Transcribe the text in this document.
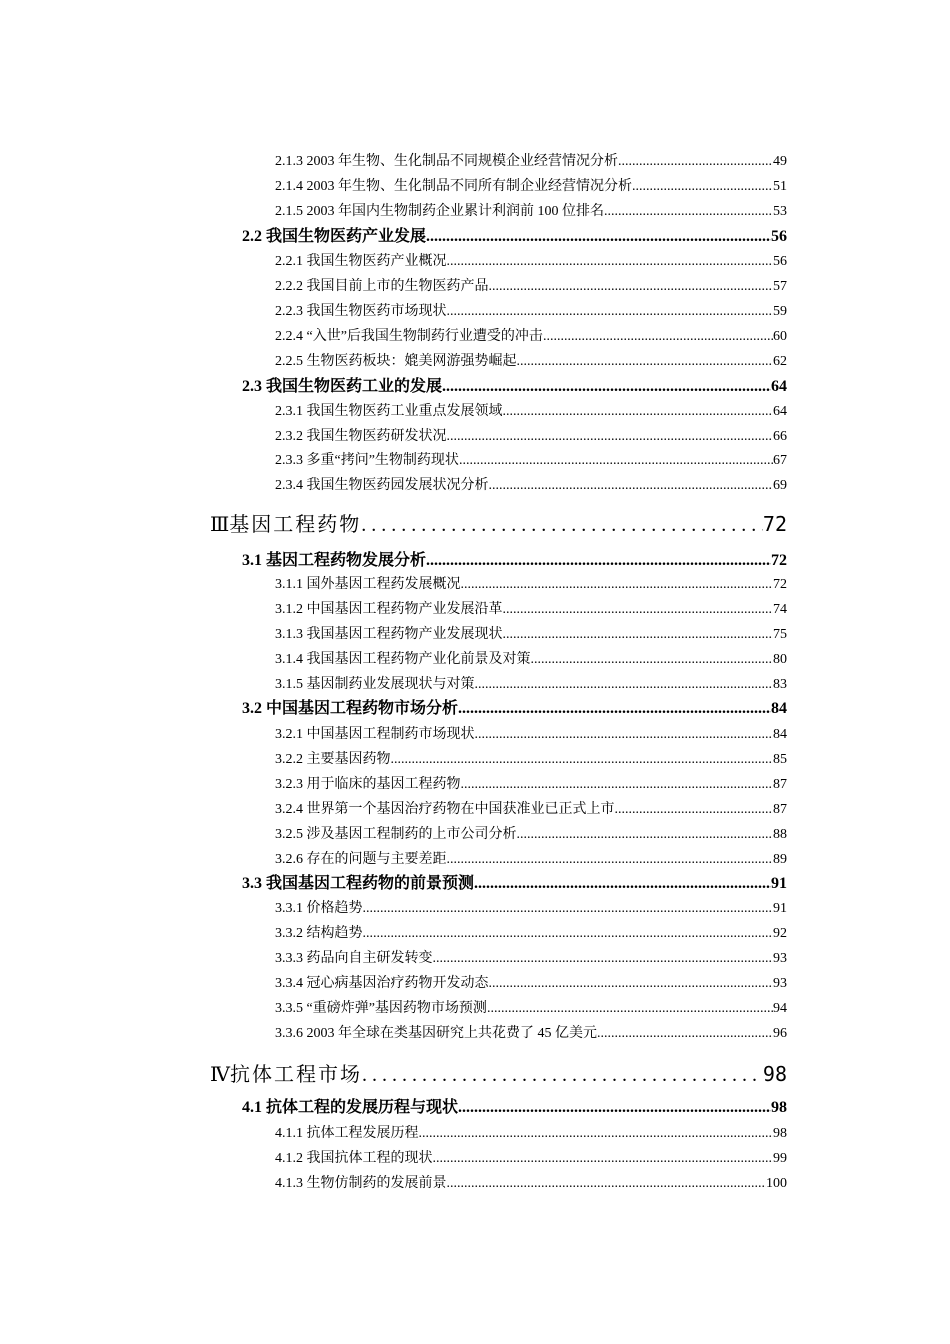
2.1.3 2003 年生物、生化制品不同规模企业经营情况分析 .....	49
2.1.4 2003 年生物、生化制品不同所有制企业经营情况分析 .....	51
2.1.5 2003 年国内生物制药企业累计利润前 100 位排名 .....	53
2.2 我国生物医药产业发展 .....	56
2.2.1 我国生物医药产业概况 .....	56
2.2.2 我国目前上市的生物医药产品 .....	57
2.2.3 我国生物医药市场现状 .....	59
2.2.4 “入世”后我国生物制药行业遭受的冲击 .....	60
2.2.5 生物医药板块：媲美网游强势崛起 .....	62
2.3 我国生物医药工业的发展 .....	64
2.3.1 我国生物医药工业重点发展领域 .....	64
2.3.2 我国生物医药研发状况 .....	66
2.3.3 多重“拷问”生物制药现状 .....	67
2.3.4 我国生物医药园发展状况分析 .....	69
Ⅲ 基因工程药物 .....	72
3.1 基因工程药物发展分析 .....	72
3.1.1 国外基因工程药发展概况 .....	72
3.1.2 中国基因工程药物产业发展沿革 .....	74
3.1.3 我国基因工程药物产业发展现状 .....	75
3.1.4 我国基因工程药物产业化前景及对策 .....	80
3.1.5 基因制药业发展现状与对策 .....	83
3.2 中国基因工程药物市场分析 .....	84
3.2.1 中国基因工程制药市场现状 .....	84
3.2.2 主要基因药物 .....	85
3.2.3 用于临床的基因工程药物 .....	87
3.2.4 世界第一个基因治疗药物在中国获准业已正式上市 .....	87
3.2.5 涉及基因工程制药的上市公司分析 .....	88
3.2.6 存在的问题与主要差距 .....	89
3.3 我国基因工程药物的前景预测 .....	91
3.3.1 价格趋势 .....	91
3.3.2 结构趋势 .....	92
3.3.3 药品向自主研发转变 .....	93
3.3.4 冠心病基因治疗药物开发动态 .....	93
3.3.5 “重磅炸弹”基因药物市场预测 .....	94
3.3.6 2003 年全球在类基因研究上共花费了 45 亿美元 .....	96
Ⅳ 抗体工程市场 .....	98
4.1 抗体工程的发展历程与现状 .....	98
4.1.1 抗体工程发展历程 .....	98
4.1.2 我国抗体工程的现状 .....	99
4.1.3 生物仿制药的发展前景 .....	100
